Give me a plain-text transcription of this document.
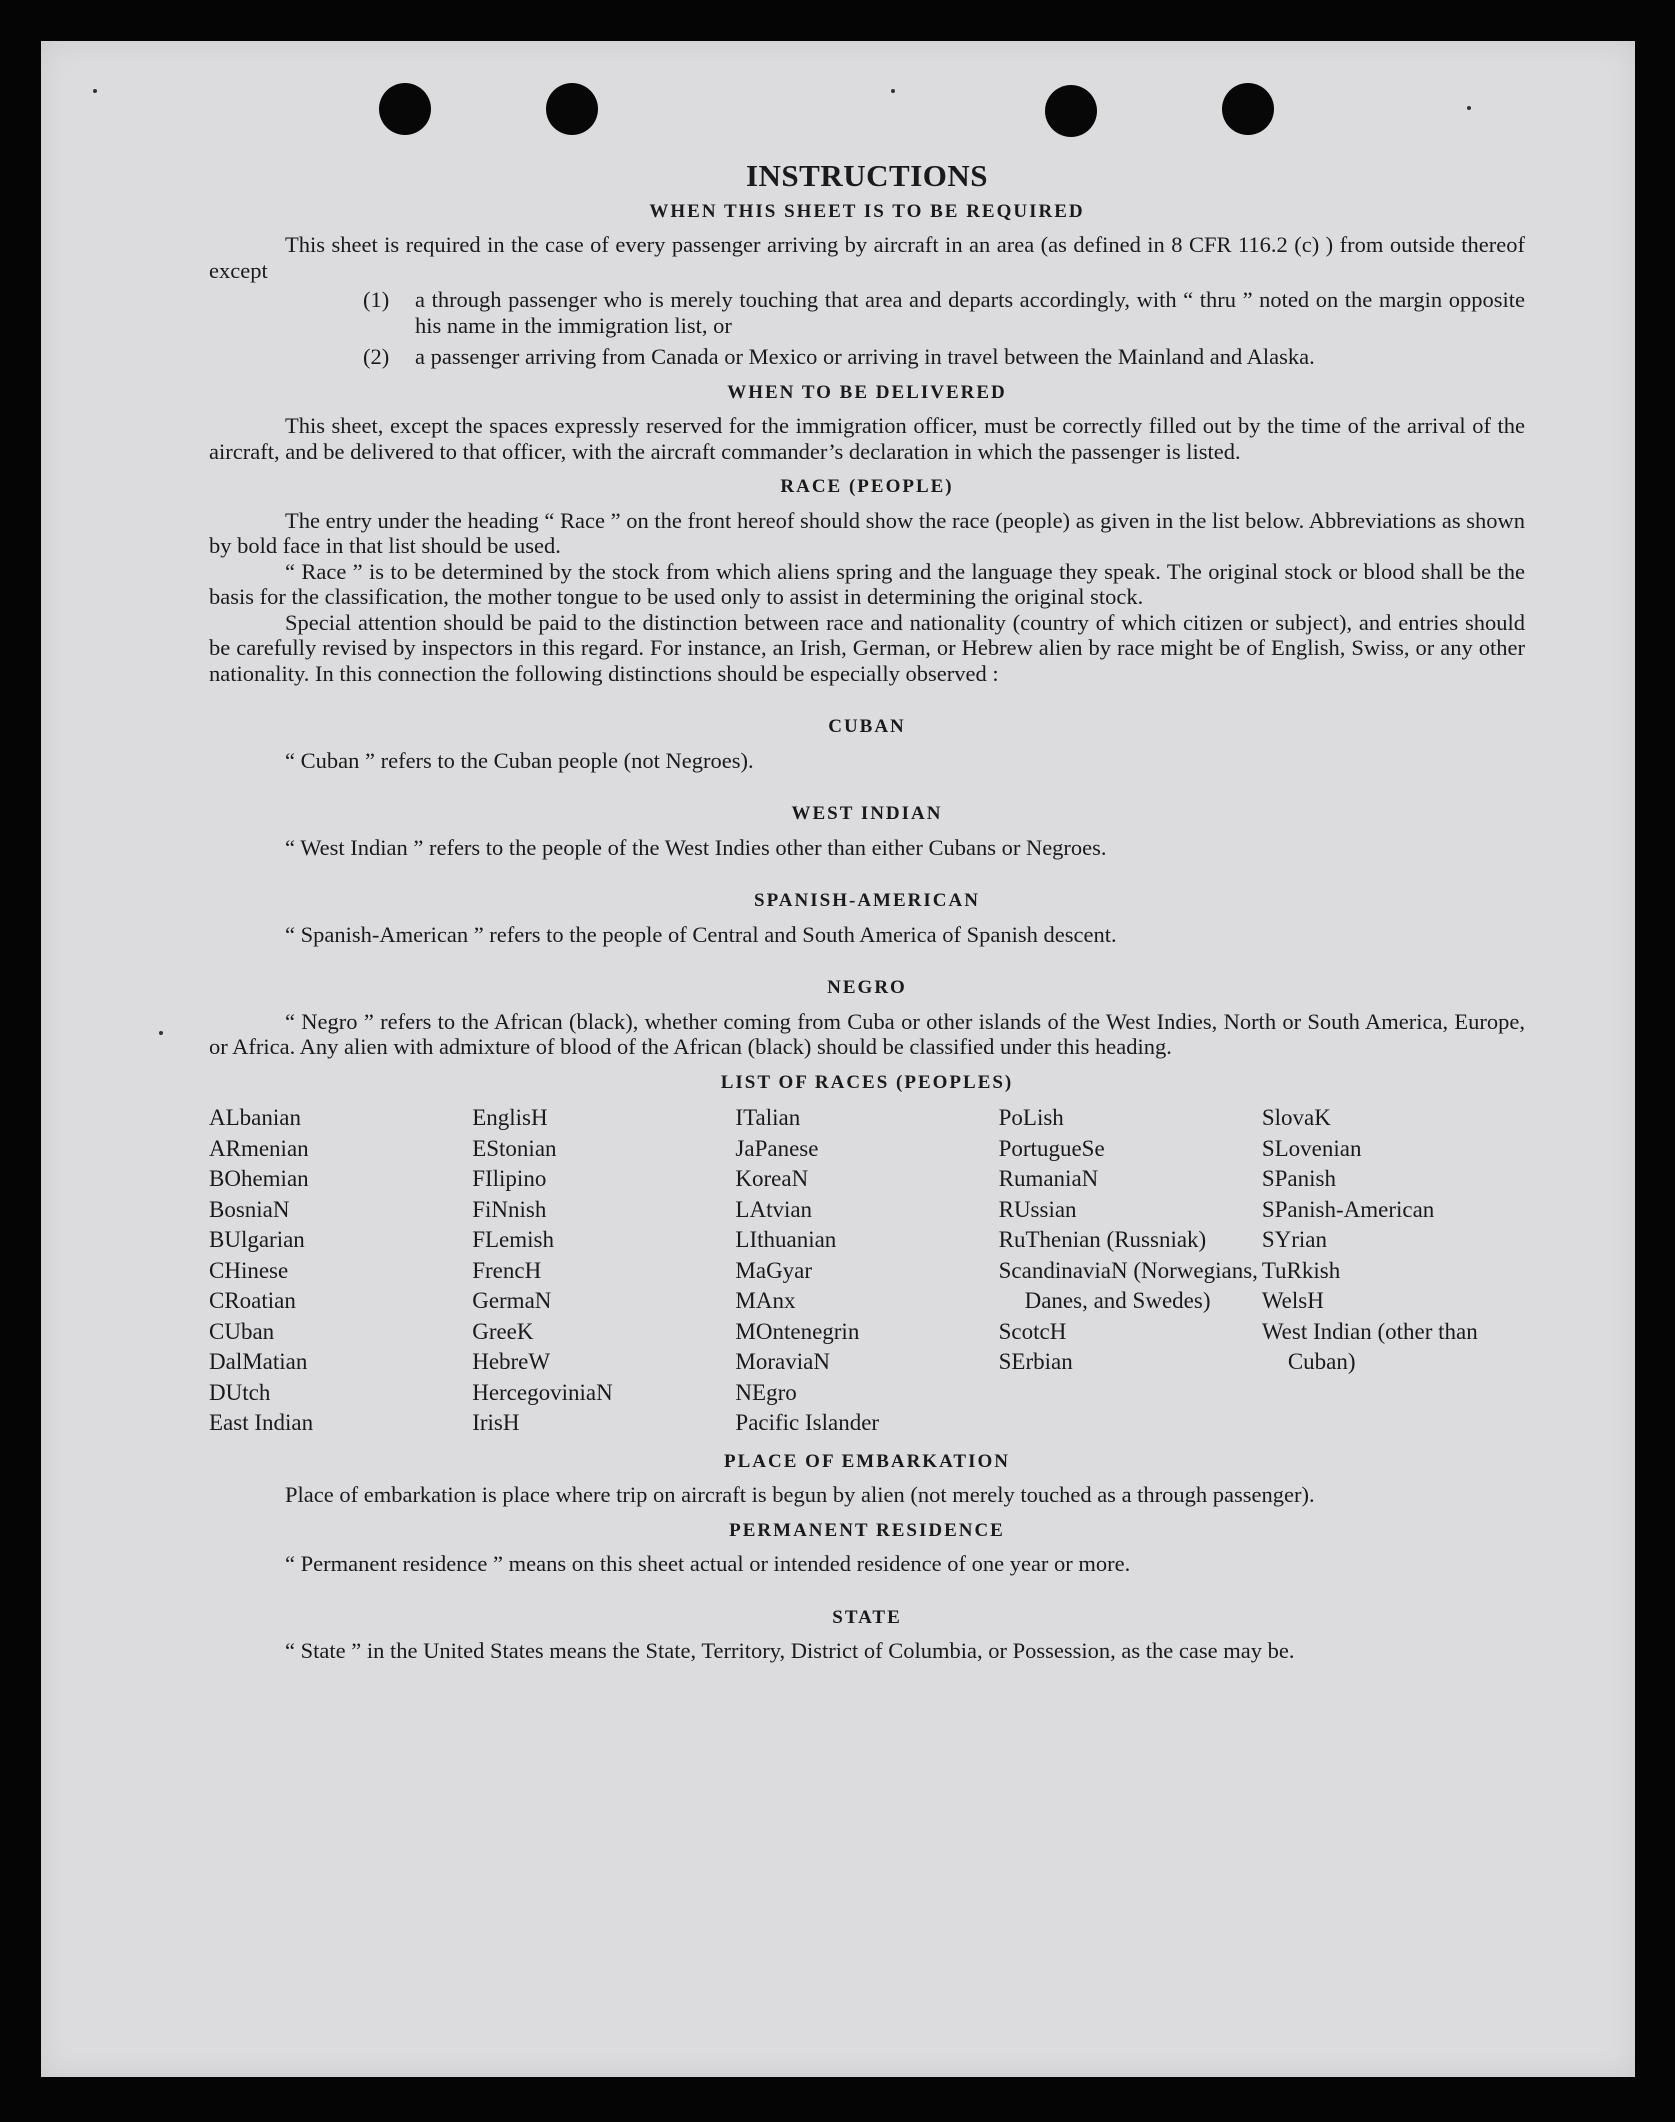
INSTRUCTIONS
WHEN THIS SHEET IS TO BE REQUIRED

This sheet is required in the case of every passenger arriving by aircraft in an area (as defined in 8 CFR 116.2 (c) ) from outside thereof except

(1)	a through passenger who is merely touching that area and departs accordingly, with “ thru ” noted on the margin opposite his name in the immigration list, or
(2)	a passenger arriving from Canada or Mexico or arriving in travel between the Mainland and Alaska.
WHEN TO BE DELIVERED

This sheet, except the spaces expressly reserved for the immigration officer, must be correctly filled out by the time of the arrival of the aircraft, and be delivered to that officer, with the aircraft commander’s declaration in which the passenger is listed.

RACE (PEOPLE)

The entry under the heading “ Race ” on the front hereof should show the race (people) as given in the list below. Abbreviations as shown by bold face in that list should be used.

“ Race ” is to be determined by the stock from which aliens spring and the language they speak. The original stock or blood shall be the basis for the classification, the mother tongue to be used only to assist in determining the original stock.

Special attention should be paid to the distinction between race and nationality (country of which citizen or subject), and entries should be carefully revised by inspectors in this regard. For instance, an Irish, German, or Hebrew alien by race might be of English, Swiss, or any other nationality. In this connection the following distinctions should be especially observed :

CUBAN

“ Cuban ” refers to the Cuban people (not Negroes).

WEST INDIAN

“ West Indian ” refers to the people of the West Indies other than either Cubans or Negroes.

SPANISH-AMERICAN

“ Spanish-American ” refers to the people of Central and South America of Spanish descent.

NEGRO

“ Negro ” refers to the African (black), whether coming from Cuba or other islands of the West Indies, North or South America, Europe, or Africa. Any alien with admixture of blood of the African (black) should be classified under this heading.

LIST OF RACES (PEOPLES)
ALbanian
ARmenian
BOhemian
BosniaN
BUlgarian
CHinese
CRoatian
CUban
DalMatian
DUtch
East Indian
EnglisH
EStonian
FIlipino
FiNnish
FLemish
FrencH
GermaN
GreeK
HebreW
HercegoviniaN
IrisH
ITalian
JaPanese
KoreaN
LAtvian
LIthuanian
MaGyar
MAnx
MOntenegrin
MoraviaN
NEgro
Pacific Islander
PoLish
PortugueSe
RumaniaN
RUssian
RuThenian (Russniak)
ScandinaviaN (Norwegians, Danes, and Swedes)
ScotcH
SErbian
SlovaK
SLovenian
SPanish
SPanish-American
SYrian
TuRkish
WelsH
West Indian (other than Cuban)
PLACE OF EMBARKATION

Place of embarkation is place where trip on aircraft is begun by alien (not merely touched as a through passenger).

PERMANENT RESIDENCE

“ Permanent residence ” means on this sheet actual or intended residence of one year or more.

STATE

“ State ” in the United States means the State, Territory, District of Columbia, or Possession, as the case may be.
